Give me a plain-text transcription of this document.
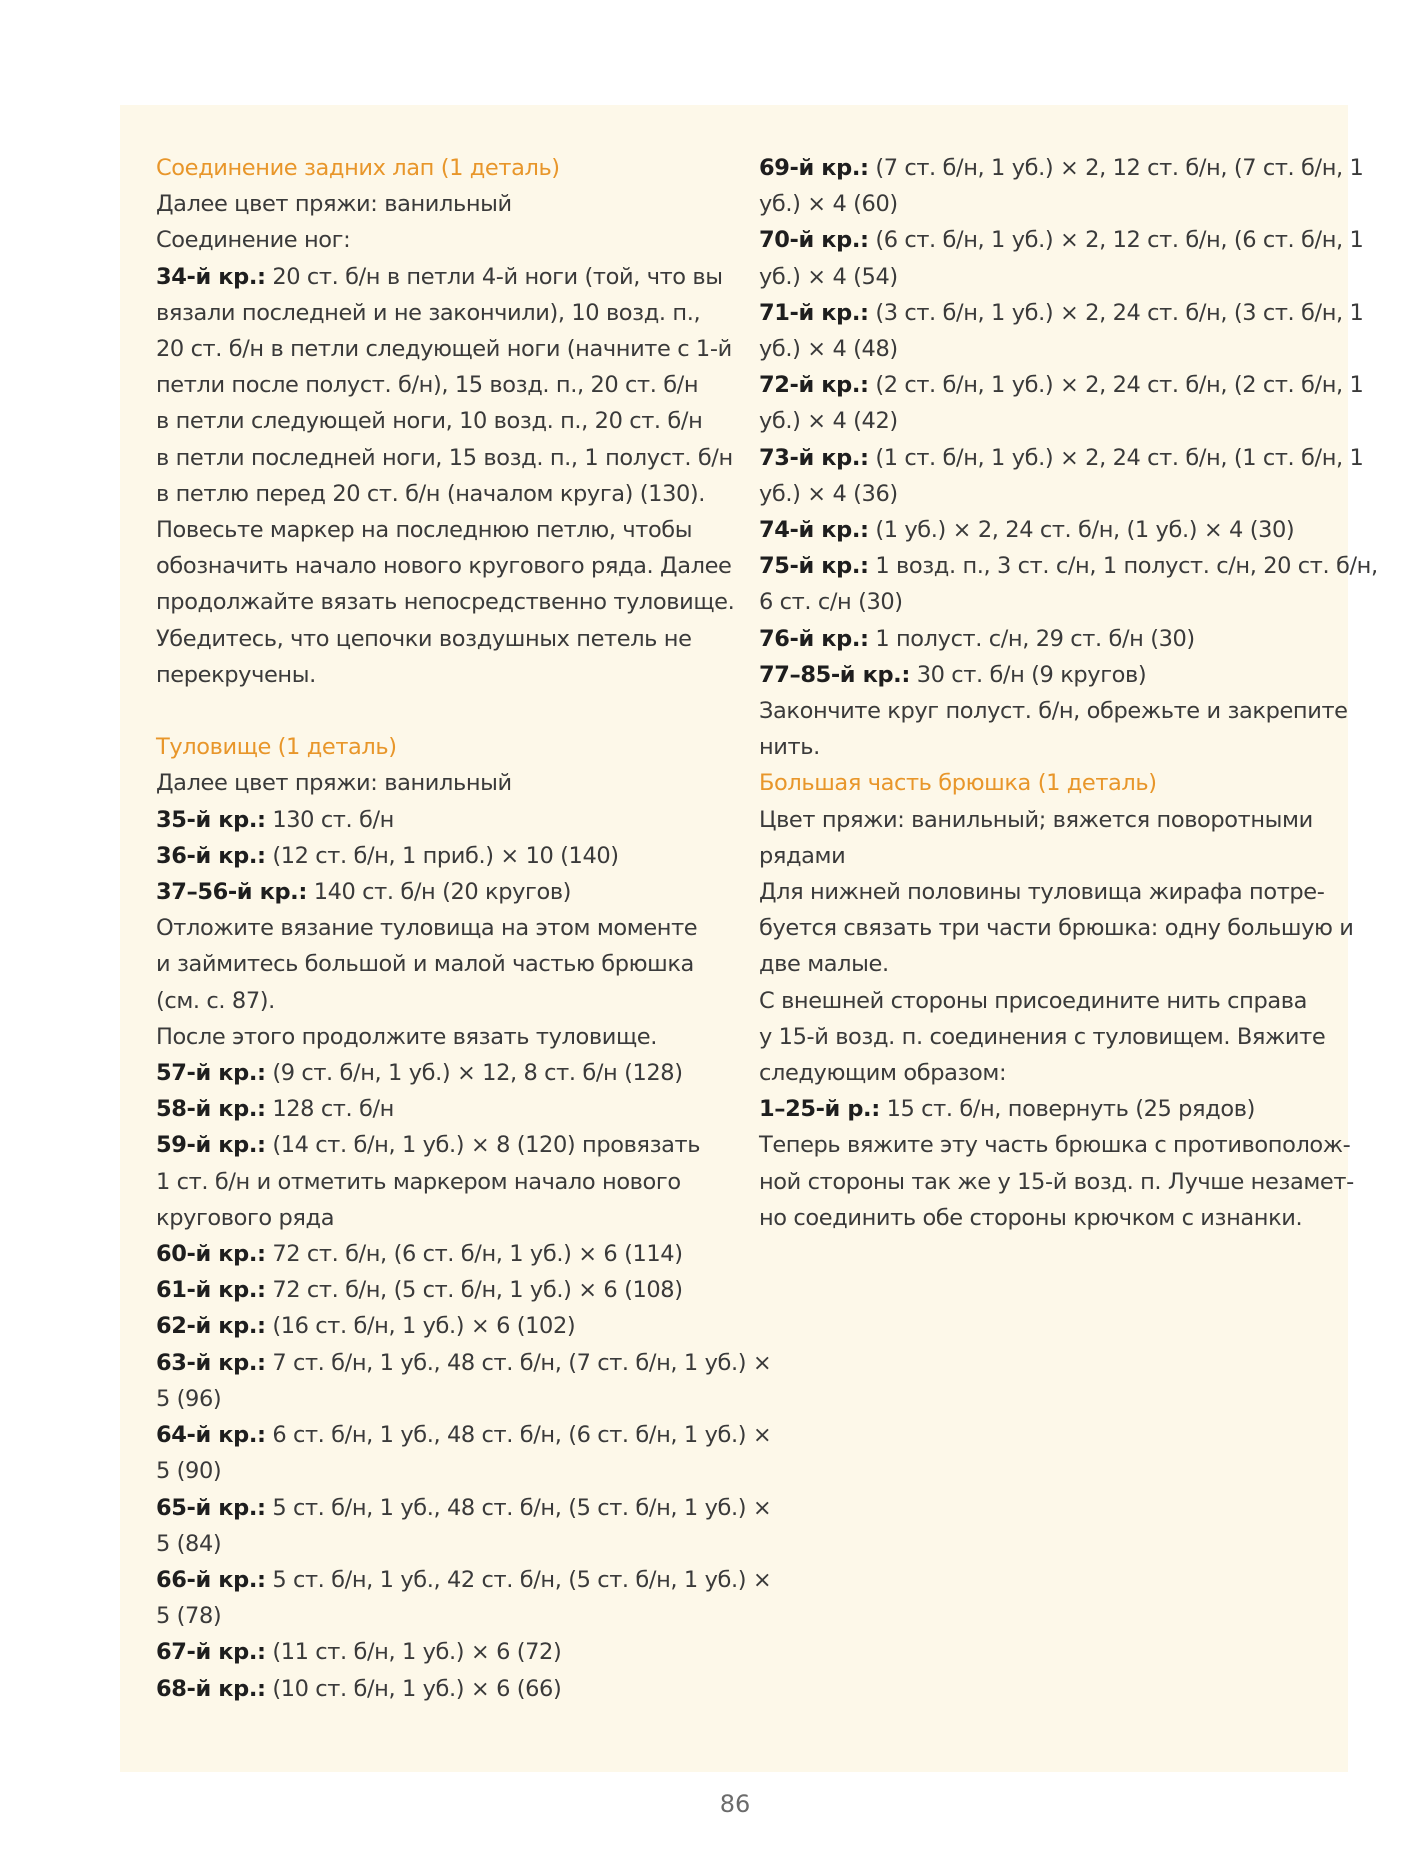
Соединение задних лап (1 деталь)
Далее цвет пряжи: ванильный
Соединение ног:
34-й кр.: 20 ст. б/н в петли 4-й ноги (той, что вы
вязали последней и не закончили), 10 возд. п.,
20 ст. б/н в петли следующей ноги (начните с 1-й
петли после полуст. б/н), 15 возд. п., 20 ст. б/н
в петли следующей ноги, 10 возд. п., 20 ст. б/н
в петли последней ноги, 15 возд. п., 1 полуст. б/н
в петлю перед 20 ст. б/н (началом круга) (130).
Повесьте маркер на последнюю петлю, чтобы
обозначить начало нового кругового ряда. Далее
продолжайте вязать непосредственно туловище.
Убедитесь, что цепочки воздушных петель не
перекручены.
Туловище (1 деталь)
Далее цвет пряжи: ванильный
35-й кр.: 130 ст. б/н
36-й кр.: (12 ст. б/н, 1 приб.) × 10 (140)
37–56-й кр.: 140 ст. б/н (20 кругов)
Отложите вязание туловища на этом моменте
и займитесь большой и малой частью брюшка
(см. с. 87).
После этого продолжите вязать туловище.
57-й кр.: (9 ст. б/н, 1 уб.) × 12, 8 ст. б/н (128)
58-й кр.: 128 ст. б/н
59-й кр.: (14 ст. б/н, 1 уб.) × 8 (120) провязать
1 ст. б/н и отметить маркером начало нового
кругового ряда
60-й кр.: 72 ст. б/н, (6 ст. б/н, 1 уб.) × 6 (114)
61-й кр.: 72 ст. б/н, (5 ст. б/н, 1 уб.) × 6 (108)
62-й кр.: (16 ст. б/н, 1 уб.) × 6 (102)
63-й кр.: 7 ст. б/н, 1 уб., 48 ст. б/н, (7 ст. б/н, 1 уб.) ×
5 (96)
64-й кр.: 6 ст. б/н, 1 уб., 48 ст. б/н, (6 ст. б/н, 1 уб.) ×
5 (90)
65-й кр.: 5 ст. б/н, 1 уб., 48 ст. б/н, (5 ст. б/н, 1 уб.) ×
5 (84)
66-й кр.: 5 ст. б/н, 1 уб., 42 ст. б/н, (5 ст. б/н, 1 уб.) ×
5 (78)
67-й кр.: (11 ст. б/н, 1 уб.) × 6 (72)
68-й кр.: (10 ст. б/н, 1 уб.) × 6 (66)
69-й кр.: (7 ст. б/н, 1 уб.) × 2, 12 ст. б/н, (7 ст. б/н, 1
уб.) × 4 (60)
70-й кр.: (6 ст. б/н, 1 уб.) × 2, 12 ст. б/н, (6 ст. б/н, 1
уб.) × 4 (54)
71-й кр.: (3 ст. б/н, 1 уб.) × 2, 24 ст. б/н, (3 ст. б/н, 1
уб.) × 4 (48)
72-й кр.: (2 ст. б/н, 1 уб.) × 2, 24 ст. б/н, (2 ст. б/н, 1
уб.) × 4 (42)
73-й кр.: (1 ст. б/н, 1 уб.) × 2, 24 ст. б/н, (1 ст. б/н, 1
уб.) × 4 (36)
74-й кр.: (1 уб.) × 2, 24 ст. б/н, (1 уб.) × 4 (30)
75-й кр.: 1 возд. п., 3 ст. с/н, 1 полуст. с/н, 20 ст. б/н,
6 ст. с/н (30)
76-й кр.: 1 полуст. с/н, 29 ст. б/н (30)
77–85-й кр.: 30 ст. б/н (9 кругов)
Закончите круг полуст. б/н, обрежьте и закрепите
нить.
Большая часть брюшка (1 деталь)
Цвет пряжи: ванильный; вяжется поворотными
рядами
Для нижней половины туловища жирафа потре-
буется связать три части брюшка: одну большую и
две малые.
С внешней стороны присоедините нить справа
у 15-й возд. п. соединения с туловищем. Вяжите
следующим образом:
1–25-й р.: 15 ст. б/н, повернуть (25 рядов)
Теперь вяжите эту часть брюшка с противополож-
ной стороны так же у 15-й возд. п. Лучше незамет-
но соединить обе стороны крючком с изнанки.
86
